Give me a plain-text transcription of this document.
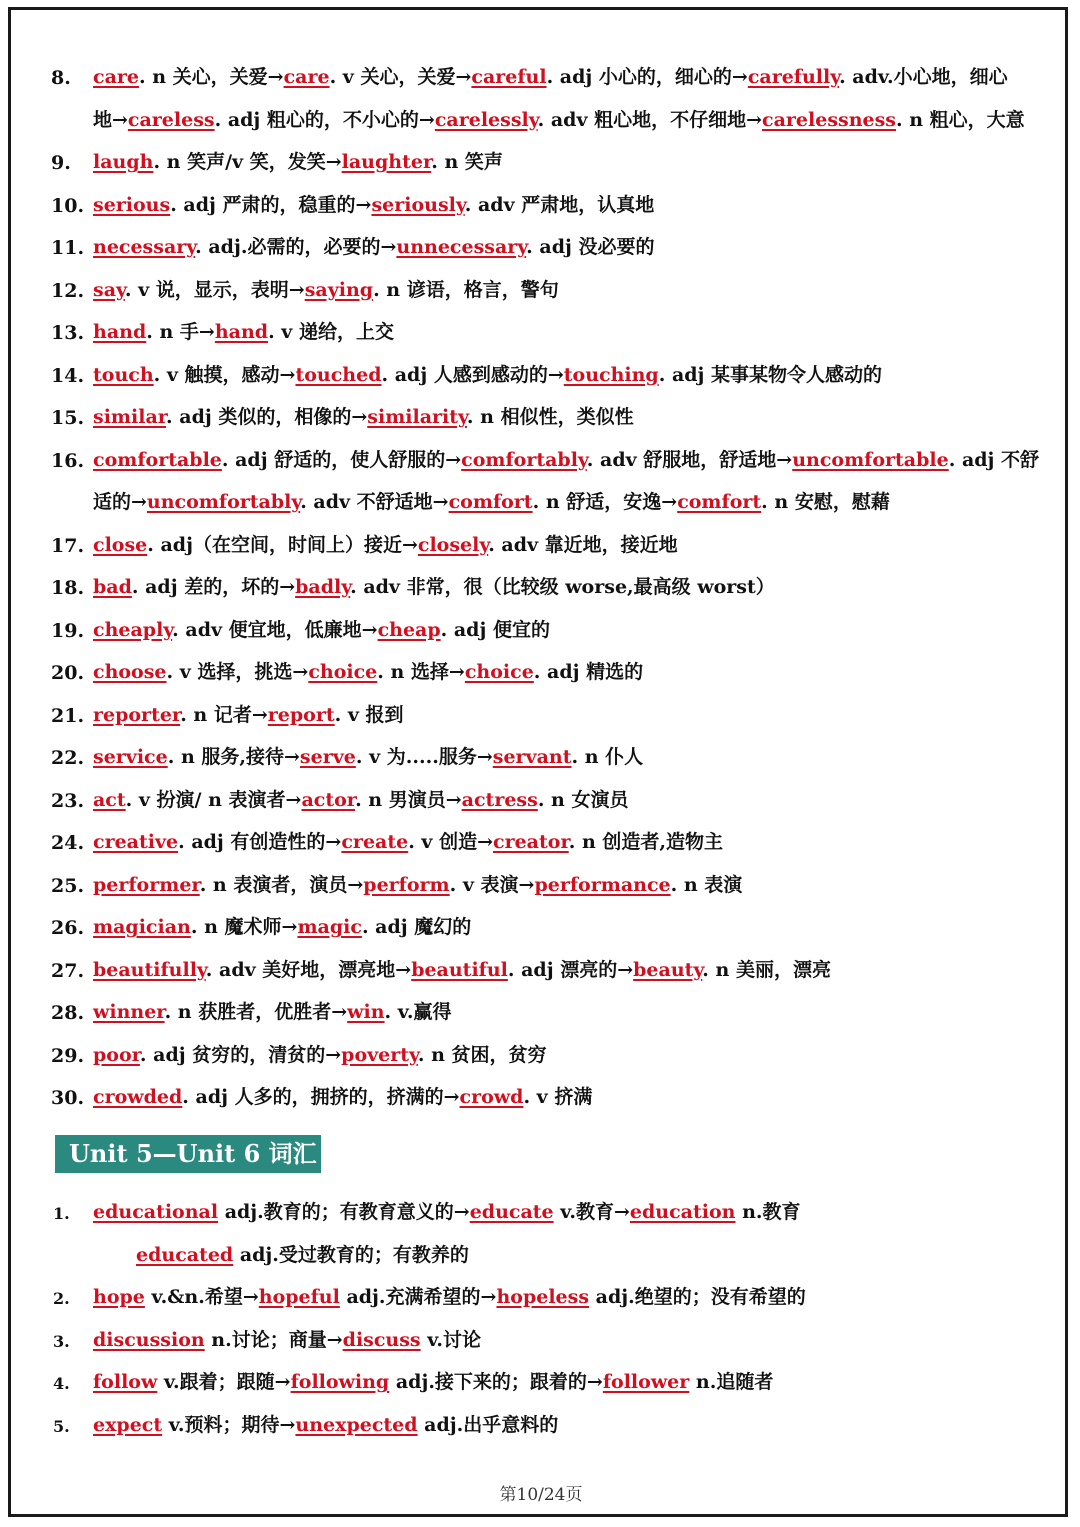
8. care. n 关心，关爱→care. v 关心，关爱→careful. adj 小心的，细心的→carefully. adv.小心地，细心
地→careless. adj 粗心的，不小心的→carelessly. adv 粗心地，不仔细地→carelessness. n 粗心，大意
9. laugh. n 笑声/v 笑，发笑→laughter. n 笑声
10. serious. adj 严肃的，稳重的→seriously. adv 严肃地，认真地
11. necessary. adj.必需的，必要的→unnecessary. adj 没必要的
12. say. v 说，显示，表明→saying. n 谚语，格言，警句
13. hand. n 手→hand. v 递给，上交
14. touch. v 触摸，感动→touched. adj 人感到感动的→touching. adj 某事某物令人感动的
15. similar. adj 类似的，相像的→similarity. n 相似性，类似性
16. comfortable. adj 舒适的，使人舒服的→comfortably. adv 舒服地，舒适地→uncomfortable. adj 不舒
适的→uncomfortably. adv 不舒适地→comfort. n 舒适，安逸→comfort. n 安慰，慰藉
17. close. adj（在空间，时间上）接近→closely. adv 靠近地，接近地
18. bad. adj 差的，坏的→badly. adv 非常，很（比较级 worse,最高级 worst）
19. cheaply. adv 便宜地，低廉地→cheap. adj 便宜的
20. choose. v 选择，挑选→choice. n 选择→choice. adj 精选的
21. reporter. n 记者→report. v 报到
22. service. n 服务,接待→serve. v 为.....服务→servant. n 仆人
23. act. v 扮演/ n 表演者→actor. n 男演员→actress. n 女演员
24. creative. adj 有创造性的→create. v 创造→creator. n 创造者,造物主
25. performer. n 表演者，演员→perform. v 表演→performance. n 表演
26. magician. n 魔术师→magic. adj 魔幻的
27. beautifully. adv 美好地，漂亮地→beautiful. adj 漂亮的→beauty. n 美丽，漂亮
28. winner. n 获胜者，优胜者→win. v.赢得
29. poor. adj 贫穷的，清贫的→poverty. n 贫困，贫穷
30. crowded. adj 人多的，拥挤的，挤满的→crowd. v 挤满
Unit 5—Unit 6 词汇
1. educational adj.教育的；有教育意义的→educate v.教育→education n.教育
educated adj.受过教育的；有教养的
2. hope v.&n.希望→hopeful adj.充满希望的→hopeless adj.绝望的；没有希望的
3. discussion n.讨论；商量→discuss v.讨论
4. follow v.跟着；跟随→following adj.接下来的；跟着的→follower n.追随者
5. expect v.预料；期待→unexpected adj.出乎意料的
第10/24页
